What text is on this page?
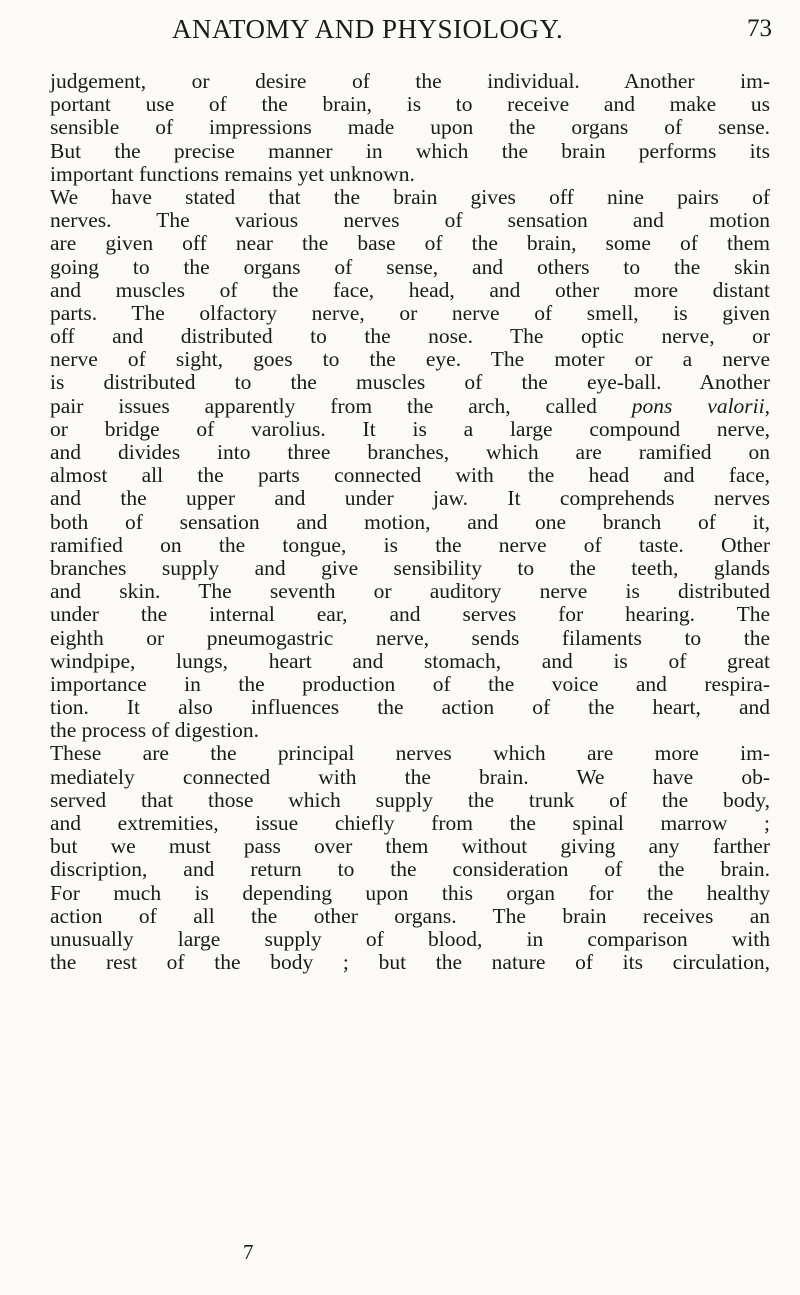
ANATOMY AND PHYSIOLOGY.	73
judgement, or desire of the individual. Another im-
portant use of the brain, is to receive and make us
sensible of impressions made upon the organs of sense.
But the precise manner in which the brain performs its
important functions remains yet unknown.
We have stated that the brain gives off nine pairs of
nerves. The various nerves of sensation and motion
are given off near the base of the brain, some of them
going to the organs of sense, and others to the skin
and muscles of the face, head, and other more distant
parts. The olfactory nerve, or nerve of smell, is given
off and distributed to the nose. The optic nerve, or
nerve of sight, goes to the eye. The moter or a nerve
is distributed to the muscles of the eye-ball. Another
pair issues apparently from the arch, called pons valorii,
or bridge of varolius. It is a large compound nerve,
and divides into three branches, which are ramified on
almost all the parts connected with the head and face,
and the upper and under jaw. It comprehends nerves
both of sensation and motion, and one branch of it,
ramified on the tongue, is the nerve of taste. Other
branches supply and give sensibility to the teeth, glands
and skin. The seventh or auditory nerve is distributed
under the internal ear, and serves for hearing. The
eighth or pneumogastric nerve, sends filaments to the
windpipe, lungs, heart and stomach, and is of great
importance in the production of the voice and respira-
tion. It also influences the action of the heart, and
the process of digestion.
These are the principal nerves which are more im-
mediately connected with the brain. We have ob-
served that those which supply the trunk of the body,
and extremities, issue chiefly from the spinal marrow ;
but we must pass over them without giving any farther
discription, and return to the consideration of the brain.
For much is depending upon this organ for the healthy
action of all the other organs. The brain receives an
unusually large supply of blood, in comparison with
the rest of the body ; but the nature of its circulation,
7
